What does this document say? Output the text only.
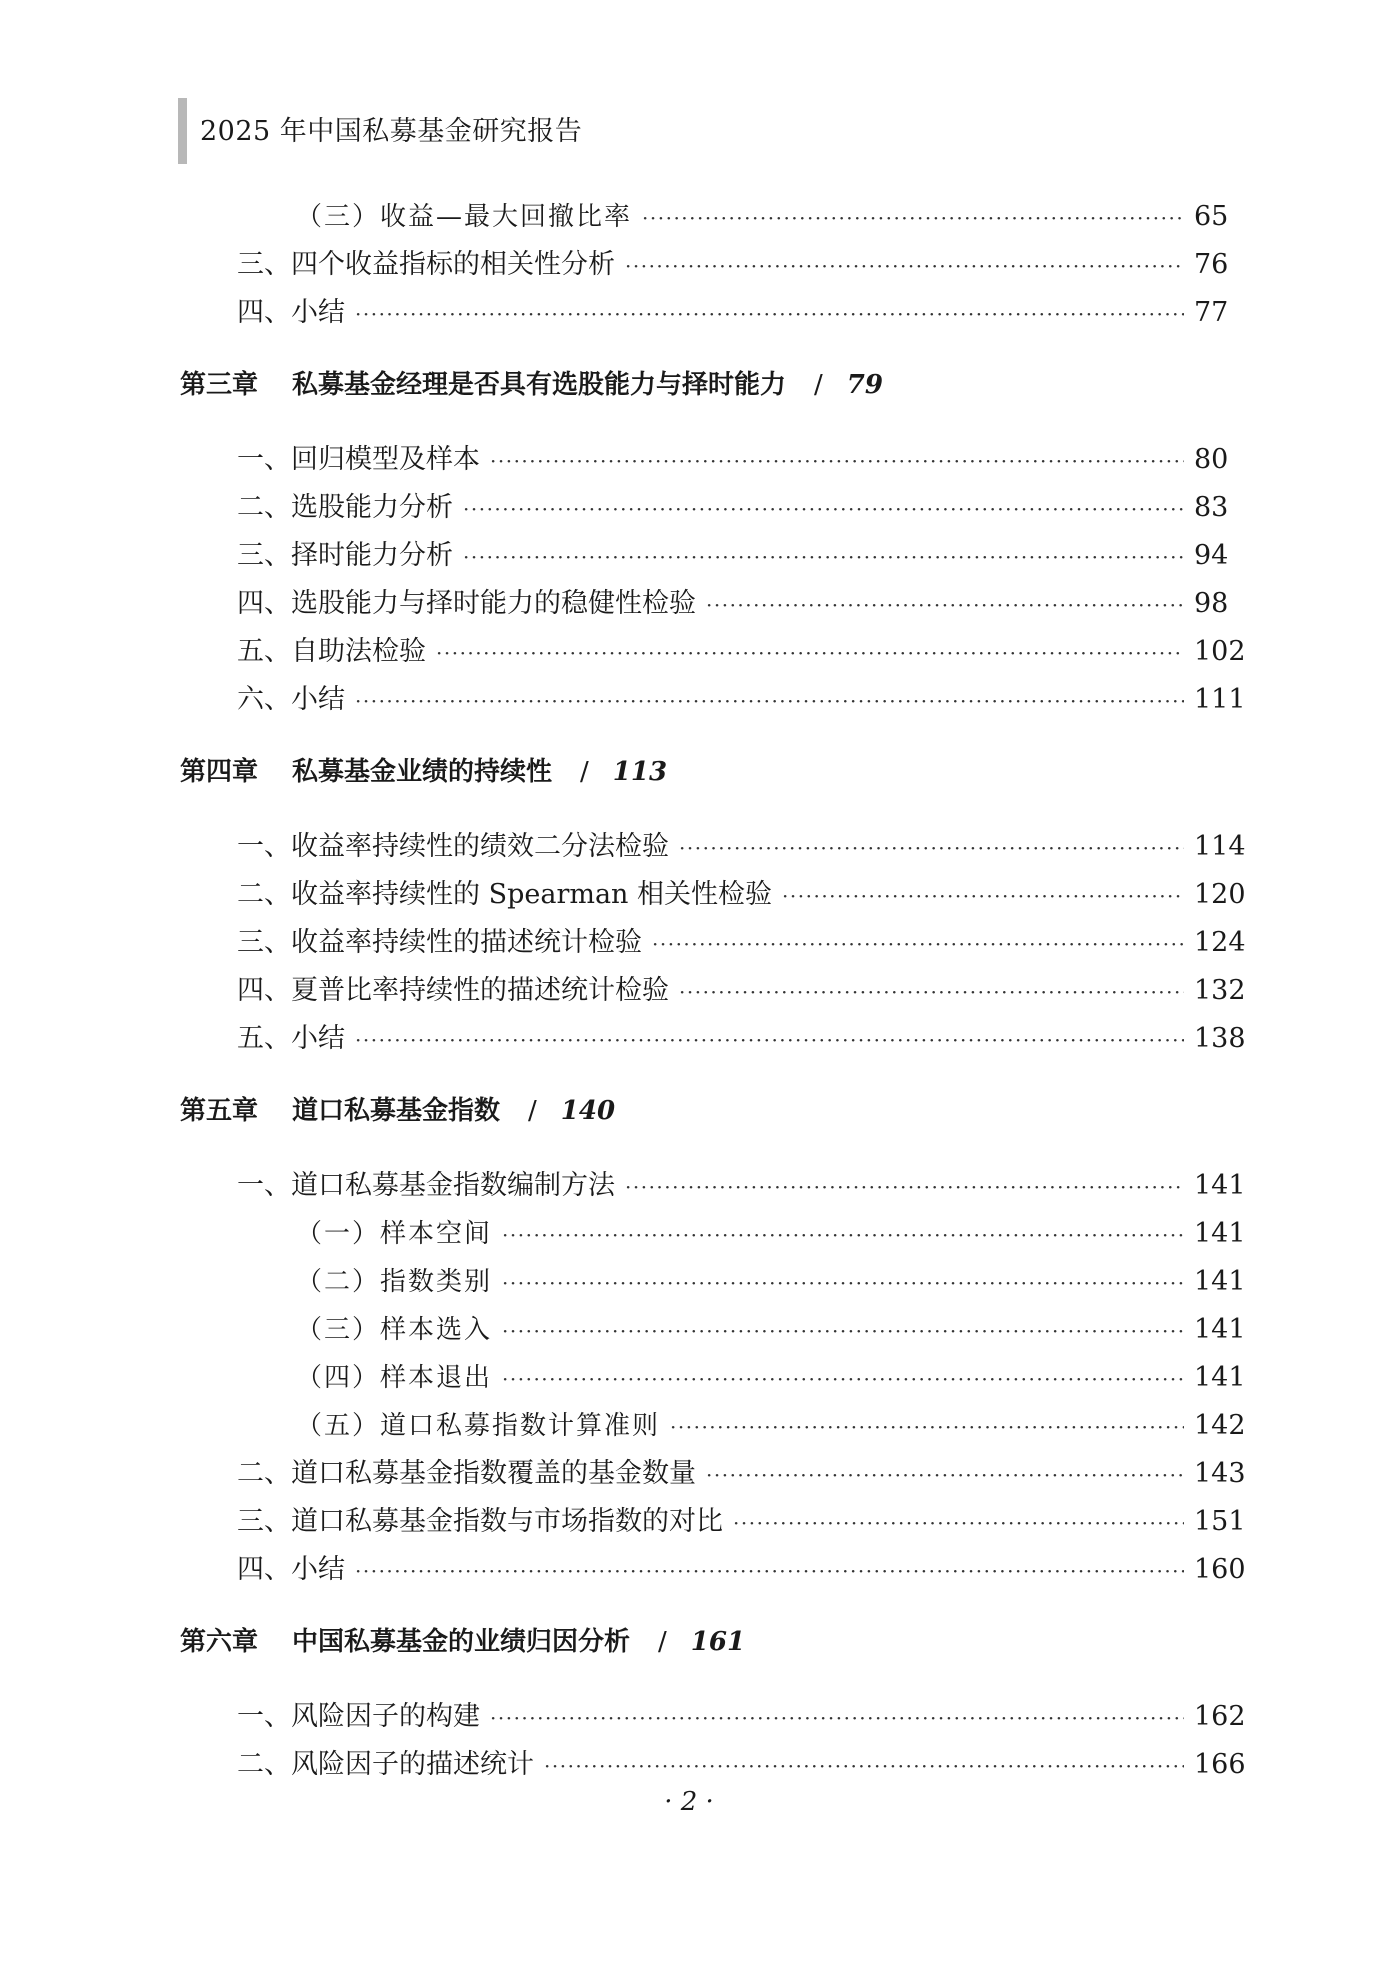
2025 年中国私募基金研究报告
（三）收益—最大回撤比率 ·····	65
三、四个收益指标的相关性分析 ·····	76
四、小结 ·····	77
第三章 私募基金经理是否具有选股能力与择时能力 / 79
一、回归模型及样本 ·····	80
二、选股能力分析 ·····	83
三、择时能力分析 ·····	94
四、选股能力与择时能力的稳健性检验 ·····	98
五、自助法检验 ·····	102
六、小结 ·····	111
第四章 私募基金业绩的持续性 / 113
一、收益率持续性的绩效二分法检验 ·····	114
二、收益率持续性的 Spearman 相关性检验 ·····	120
三、收益率持续性的描述统计检验 ·····	124
四、夏普比率持续性的描述统计检验 ·····	132
五、小结 ·····	138
第五章 道口私募基金指数 / 140
一、道口私募基金指数编制方法 ·····	141
（一）样本空间 ·····	141
（二）指数类别 ·····	141
（三）样本选入 ·····	141
（四）样本退出 ·····	141
（五）道口私募指数计算准则 ·····	142
二、道口私募基金指数覆盖的基金数量 ·····	143
三、道口私募基金指数与市场指数的对比 ·····	151
四、小结 ·····	160
第六章 中国私募基金的业绩归因分析 / 161
一、风险因子的构建 ·····	162
二、风险因子的描述统计 ·····	166
· 2 ·
